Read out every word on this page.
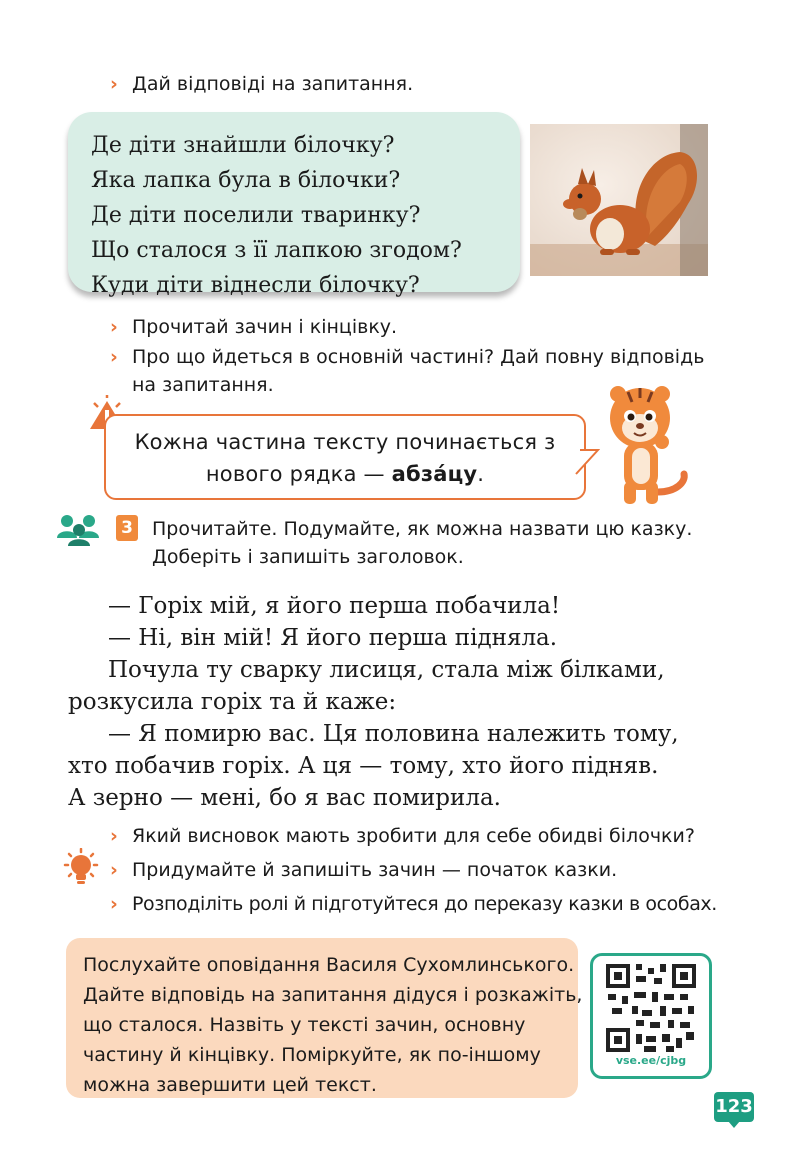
› Дай відповіді на запитання.
Де діти знайшли білочку?
Яка лапка була в білочки?
Де діти поселили тваринку?
Що сталося з її лапкою згодом?
Куди діти віднесли білочку?
› Прочитай зачин і кінцівку.
› Про що йдеться в основній частині? Дай повну відповідь
на запитання.
Кожна частина тексту починається з
нового рядка — абза́цу.
3 Прочитайте. Подумайте, як можна назвати цю казку.
Доберіть і запишіть заголовок.
— Горіх мій, я його перша побачила!
— Ні, він мій! Я його перша підняла.
Почула ту сварку лисиця, стала між білками,
розкусила горіх та й каже:
— Я помирю вас. Ця половина належить тому,
хто побачив горіх. А ця — тому, хто його підняв.
А зерно — мені, бо я вас помирила.
› Який висновок мають зробити для себе обидві білочки?
› Придумайте й запишіть зачин — початок казки.
› Розподіліть ролі й підготуйтеся до переказу казки в особах.
Послухайте оповідання Василя Сухомлинського.
Дайте відповідь на запитання дідуся і розкажіть,
що сталося. Назвіть у тексті зачин, основну
частину й кінцівку. Поміркуйте, як по-іншому
можна завершити цей текст.
vse.ee/cjbg
123
